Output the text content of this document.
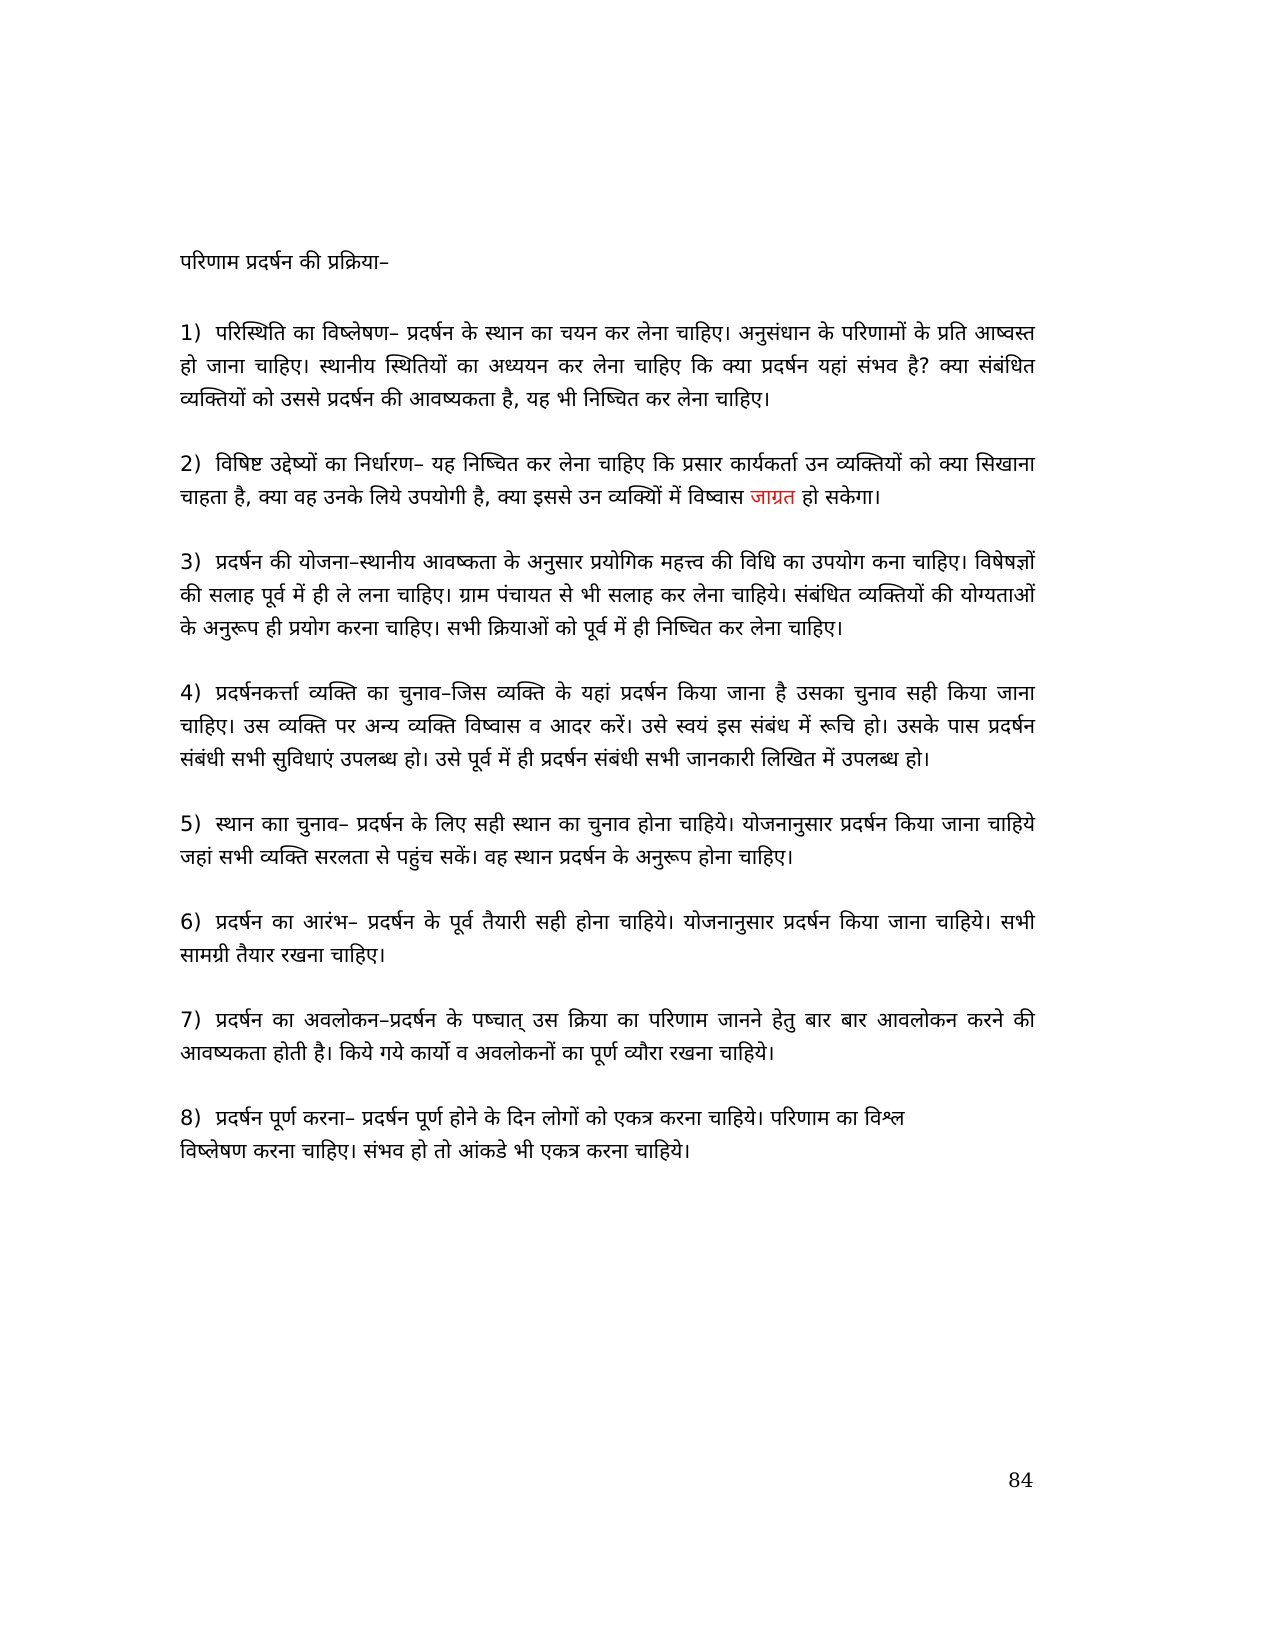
परिणाम प्रदर्षन की प्रक्रिया–

1) परिस्थिति का विष्लेषण– प्रदर्षन के स्थान का चयन कर लेना चाहिए। अनुसंधान के परिणामों के प्रति आष्वस्त हो जाना चाहिए। स्थानीय स्थितियों का अध्ययन कर लेना चाहिए कि क्या प्रदर्षन यहां संभव है? क्या संबंधित व्यक्तियों को उससे प्रदर्षन की आवष्यकता है, यह भी निष्चित कर लेना चाहिए।

2) विषिष्ट उद्देष्यों का निर्धारण– यह निष्चित कर लेना चाहिए कि प्रसार कार्यकर्ता उन व्यक्तियों को क्या सिखाना चाहता है, क्या वह उनके लिये उपयोगी है, क्या इससे उन व्यक्यिों में विष्वास जाग्रत हो सकेगा।

3) प्रदर्षन की योजना–स्थानीय आवष्कता के अनुसार प्रयोगिक महत्त्व की विधि का उपयोग कना चाहिए। विषेषज्ञों की सलाह पूर्व में ही ले लना चाहिए। ग्राम पंचायत से भी सलाह कर लेना चाहिये। संबंधित व्यक्तियों की योग्यताओं के अनुरूप ही प्रयोग करना चाहिए। सभी क्रियाओं को पूर्व में ही निष्चित कर लेना चाहिए।

4) प्रदर्षनकर्त्ता व्यक्ति का चुनाव–जिस व्यक्ति के यहां प्रदर्षन किया जाना है उसका चुनाव सही किया जाना चाहिए। उस व्यक्ति पर अन्य व्यक्ति विष्वास व आदर करें। उसे स्वयं इस संबंध में रूचि हो। उसके पास प्रदर्षन संबंधी सभी सुविधाएं उपलब्ध हो। उसे पूर्व में ही प्रदर्षन संबंधी सभी जानकारी लिखित में उपलब्ध हो।

5) स्थान काा चुनाव– प्रदर्षन के लिए सही स्थान का चुनाव होना चाहिये। योजनानुसार प्रदर्षन किया जाना चाहिये जहां सभी व्यक्ति सरलता से पहुंच सकें। वह स्थान प्रदर्षन के अनुरूप होना चाहिए।

6) प्रदर्षन का आरंभ– प्रदर्षन के पूर्व तैयारी सही होना चाहिये। योजनानुसार प्रदर्षन किया जाना चाहिये। सभी सामग्री तैयार रखना चाहिए।

7) प्रदर्षन का अवलोकन–प्रदर्षन के पष्चात् उस क्रिया का परिणाम जानने हेतु बार बार आवलोकन करने की आवष्यकता होती है। किये गये कार्यो व अवलोकनों का पूर्ण व्यौरा रखना चाहिये।

8) प्रदर्षन पूर्ण करना– प्रदर्षन पूर्ण होने के दिन लोगों को एकत्र करना चाहिये। परिणाम का विश्ल
विष्लेषण करना चाहिए। संभव हो तो आंकडे भी एकत्र करना चाहिये।

84
